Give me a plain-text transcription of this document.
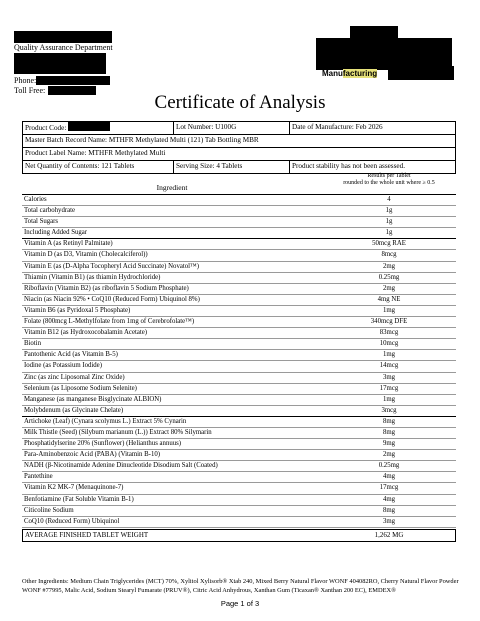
Quality Assurance Department
Phone:
Toll Free:
Manufacturing
Certificate of Analysis
Product Code:	Lot Number: U100G	Date of Manufacture: Feb 2026
Master Batch Record Name: MTHFR Methylated Multi (121) Tab Bottling MBR
Product Label Name: MTHFR Methylated Multi
Net Quantity of Contents: 121 Tablets	Serving Size: 4 Tablets	Product stability has not been assessed.
Ingredient
Results per Tablet
rounded to the whole unit where ≥ 0.5
Calories	4
Total carbohydrate	1g
Total Sugars	1g
Including Added Sugar	1g
Vitamin A (as Retinyl Palmitate)	50mcg RAE
Vitamin D (as D3, Vitamin (Cholecalciferol))	8mcg
Vitamin E (as (D-Alpha Tocopheryl Acid Succinate) Novatol™)	2mg
Thiamin (Vitamin B1) (as thiamin Hydrochloride)	0.25mg
Riboflavin (Vitamin B2) (as riboflavin 5 Sodium Phosphate)	2mg
Niacin (as Niacin 92% • CoQ10 (Reduced Form) Ubiquinol 8%)	4mg NE
Vitamin B6 (as Pyridoxal 5 Phosphate)	1mg
Folate (800mcg L-Methylfolate from 1mg of Cerebrofolate™)	340mcg DFE
Vitamin B12 (as Hydroxocobalamin Acetate)	83mcg
Biotin	10mcg
Pantothenic Acid (as Vitamin B-5)	1mg
Iodine (as Potassium Iodide)	14mcg
Zinc (as zinc Liposomal Zinc Oxide)	3mg
Selenium (as Liposome Sodium Selenite)	17mcg
Manganese (as manganese Bisglycinate ALBION)	1mg
Molybdenum (as Glycinate Chelate)	3mcg
Artichoke (Leaf) (Cynara scolymus L.) Extract 5% Cynarin	8mg
Milk Thistle (Seed) (Silybum marianum (L.)) Extract 80% Silymarin	8mg
Phosphatidylserine 20% (Sunflower) (Helianthus annuus)	9mg
Para-Aminobenzoic Acid (PABA) (Vitamin B-10)	2mg
NADH (β-Nicotinamide Adenine Dinucleotide Disodium Salt (Coated)	0.25mg
Pantethine	4mg
Vitamin K2 MK-7 (Menaquinone-7)	17mcg
Benfotiamine (Fat Soluble Vitamin B-1)	4mg
Citicoline Sodium	8mg
CoQ10 (Reduced Form) Ubiquinol	3mg
AVERAGE FINISHED TABLET WEIGHT	1,262 MG
Other Ingredients: Medium Chain Triglycerides (MCT) 70%, Xylitol Xylisorb® Xtab 240, Mixed Berry Natural Flavor WONF 404082RO, Cherry Natural Flavor Powder WONF #77995, Malic Acid, Sodium Stearyl Fumarate (PRUV®), Citric Acid Anhydrous, Xanthan Gum (Ticaxan® Xanthan 200 EC), EMDEX®
Page 1 of 3
